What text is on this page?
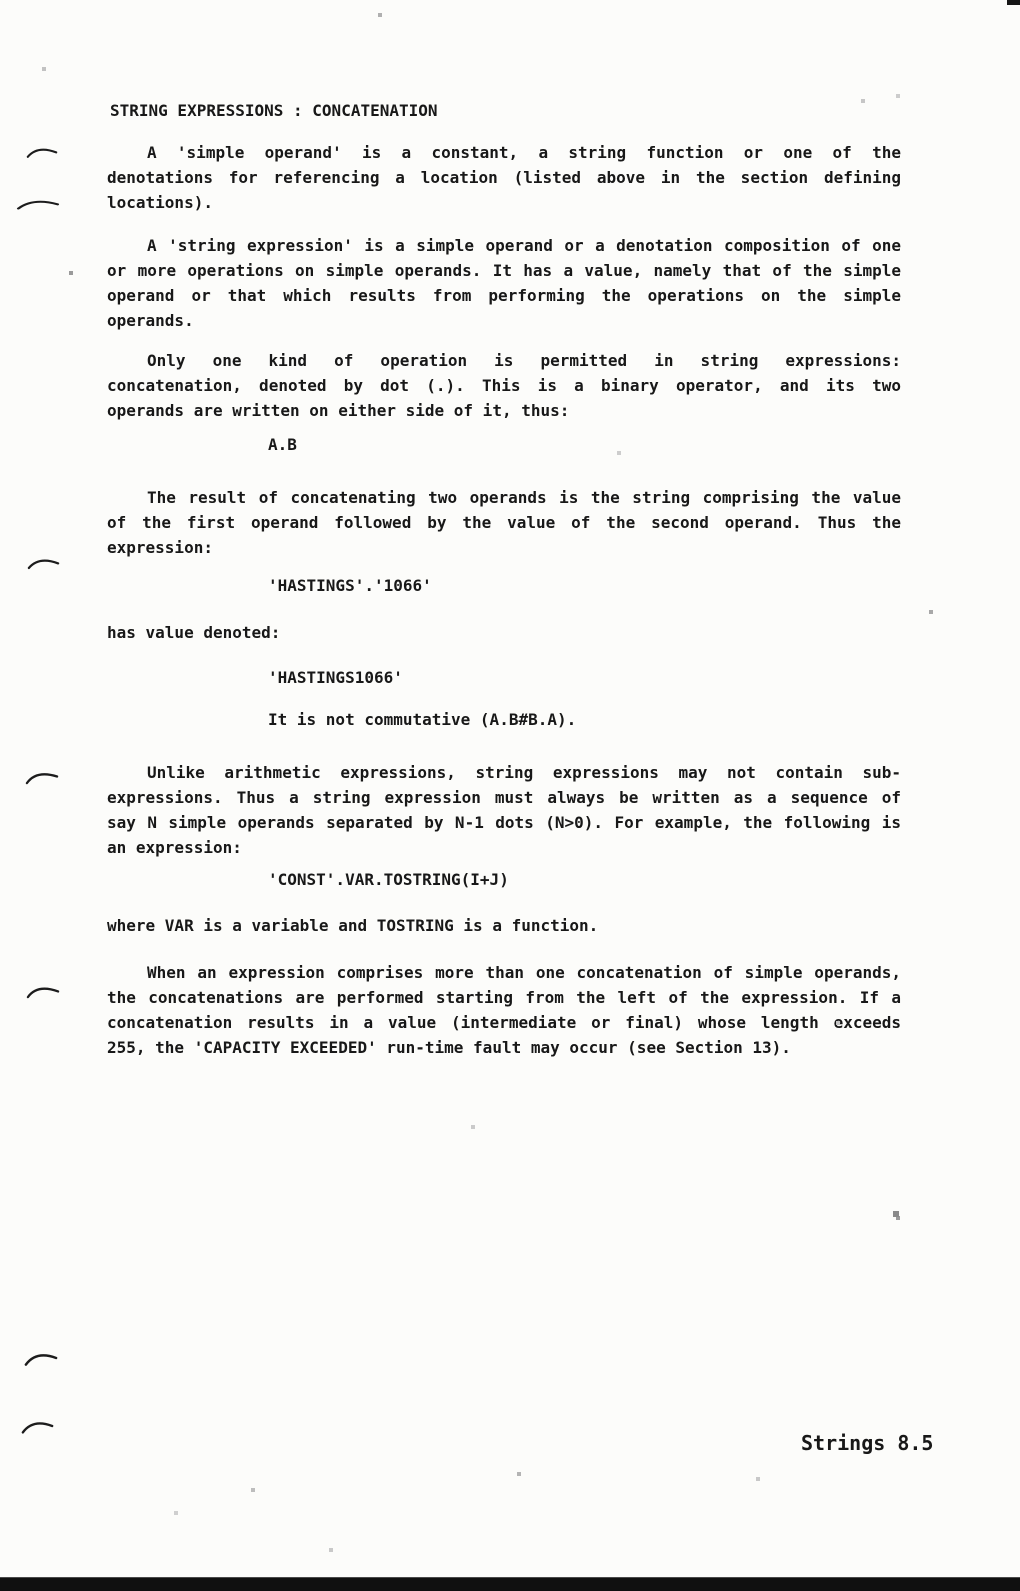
STRING EXPRESSIONS : CONCATENATION
A 'simple operand' is a constant, a string function or one of the
denotations for referencing a location (listed above in the section defining
locations).
A 'string expression' is a simple operand or a denotation composition of one
or more operations on simple operands. It has a value, namely that of the simple
operand or that which results from performing the operations on the simple
operands.
Only one kind of operation is permitted in string expressions:
concatenation, denoted by dot (.). This is a binary operator, and its two
operands are written on either side of it, thus:
A.B
The result of concatenating two operands is the string comprising the value
of the first operand followed by the value of the second operand. Thus the
expression:
'HASTINGS'.'1066'
has value denoted:
'HASTINGS1066'
It is not commutative (A.B#B.A).
Unlike arithmetic expressions, string expressions may not contain sub-
expressions. Thus a string expression must always be written as a sequence of
say N simple operands separated by N-1 dots (N>0). For example, the following is
an expression:
'CONST'.VAR.TOSTRING(I+J)
where VAR is a variable and TOSTRING is a function.
When an expression comprises more than one concatenation of simple operands,
the concatenations are performed starting from the left of the expression. If a
concatenation results in a value (intermediate or final) whose length exceeds
255, the 'CAPACITY EXCEEDED' run-time fault may occur (see Section 13).
Strings 8.5
